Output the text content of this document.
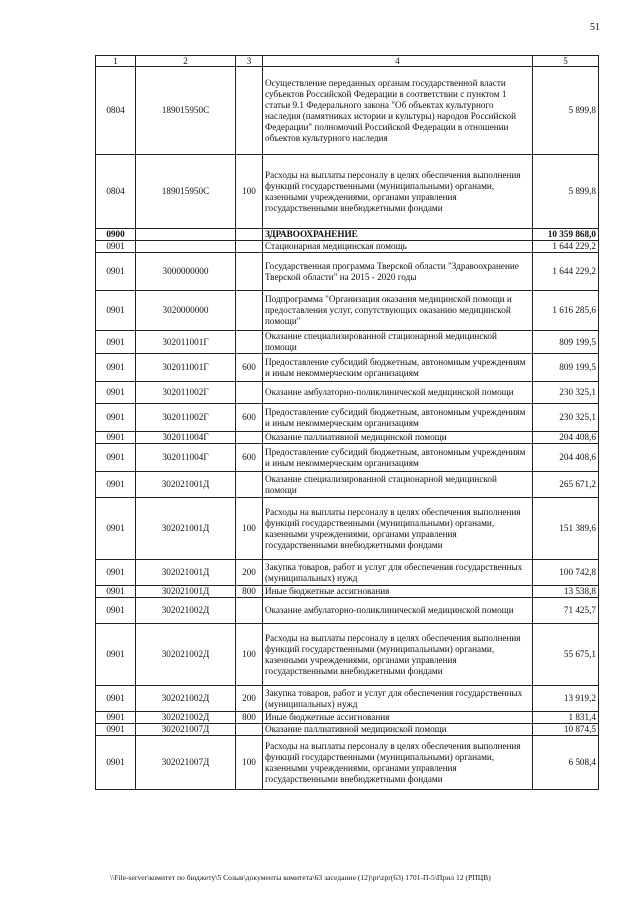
51
1	2	3	4	5
0804	189015950С		Осуществление переданных органам государственной власти субъектов Российской Федерации в соответствии с пунктом 1 статьи 9.1 Федерального закона "Об объектах культурного наследия (памятниках истории и культуры) народов Российской Федерации" полномочий Российской Федерации в отношении объектов культурного наследия	5 899,8
0804	189015950С	100	Расходы на выплаты персоналу в целях обеспечения выполнения функций государственными (муниципальными) органами, казенными учреждениями, органами управления государственными внебюджетными фондами	5 899,8
0900			ЗДРАВООХРАНЕНИЕ	10 359 868,0
0901			Стационарная медицинская помощь	1 644 229,2
0901	3000000000		Государственная программа Тверской области "Здравоохранение Тверской области" на 2015 - 2020 годы	1 644 229,2
0901	3020000000		Подпрограмма "Организация оказания медицинской помощи и предоставления услуг, сопутствующих оказанию медицинской помощи"	1 616 285,6
0901	302011001Г		Оказание специализированной стационарной медицинской помощи	809 199,5
0901	302011001Г	600	Предоставление субсидий бюджетным, автономным учреждениям и иным некоммерческим организациям	809 199,5
0901	302011002Г		Оказание амбулаторно-поликлинической медицинской помощи	230 325,1
0901	302011002Г	600	Предоставление субсидий бюджетным, автономным учреждениям и иным некоммерческим организациям	230 325,1
0901	302011004Г		Оказание паллиативной медицинской помощи	204 408,6
0901	302011004Г	600	Предоставление субсидий бюджетным, автономным учреждениям и иным некоммерческим организациям	204 408,6
0901	302021001Д		Оказание специализированной стационарной медицинской помощи	265 671,2
0901	302021001Д	100	Расходы на выплаты персоналу в целях обеспечения выполнения функций государственными (муниципальными) органами, казенными учреждениями, органами управления государственными внебюджетными фондами	151 389,6
0901	302021001Д	200	Закупка товаров, работ и услуг для обеспечения государственных (муниципальных) нужд	100 742,8
0901	302021001Д	800	Иные бюджетные ассигнования	13 538,8
0901	302021002Д		Оказание амбулаторно-поликлинической медицинской помощи	71 425,7
0901	302021002Д	100	Расходы на выплаты персоналу в целях обеспечения выполнения функций государственными (муниципальными) органами, казенными учреждениями, органами управления государственными внебюджетными фондами	55 675,1
0901	302021002Д	200	Закупка товаров, работ и услуг для обеспечения государственных (муниципальных) нужд	13 919,2
0901	302021002Д	800	Иные бюджетные ассигнования	1 831,4
0901	302021007Д		Оказание паллиативной медицинской помощи	10 874,5
0901	302021007Д	100	Расходы на выплаты персоналу в целях обеспечения выполнения функций государственными (муниципальными) органами, казенными учреждениями, органами управления государственными внебюджетными фондами	6 508,4
\\File-server\комитет по бюджету\5 Созыв\документы комитета\63 заседание (12)\pr\zpr(63) 1701-П-5\Прил 12 (РПЦВ)
